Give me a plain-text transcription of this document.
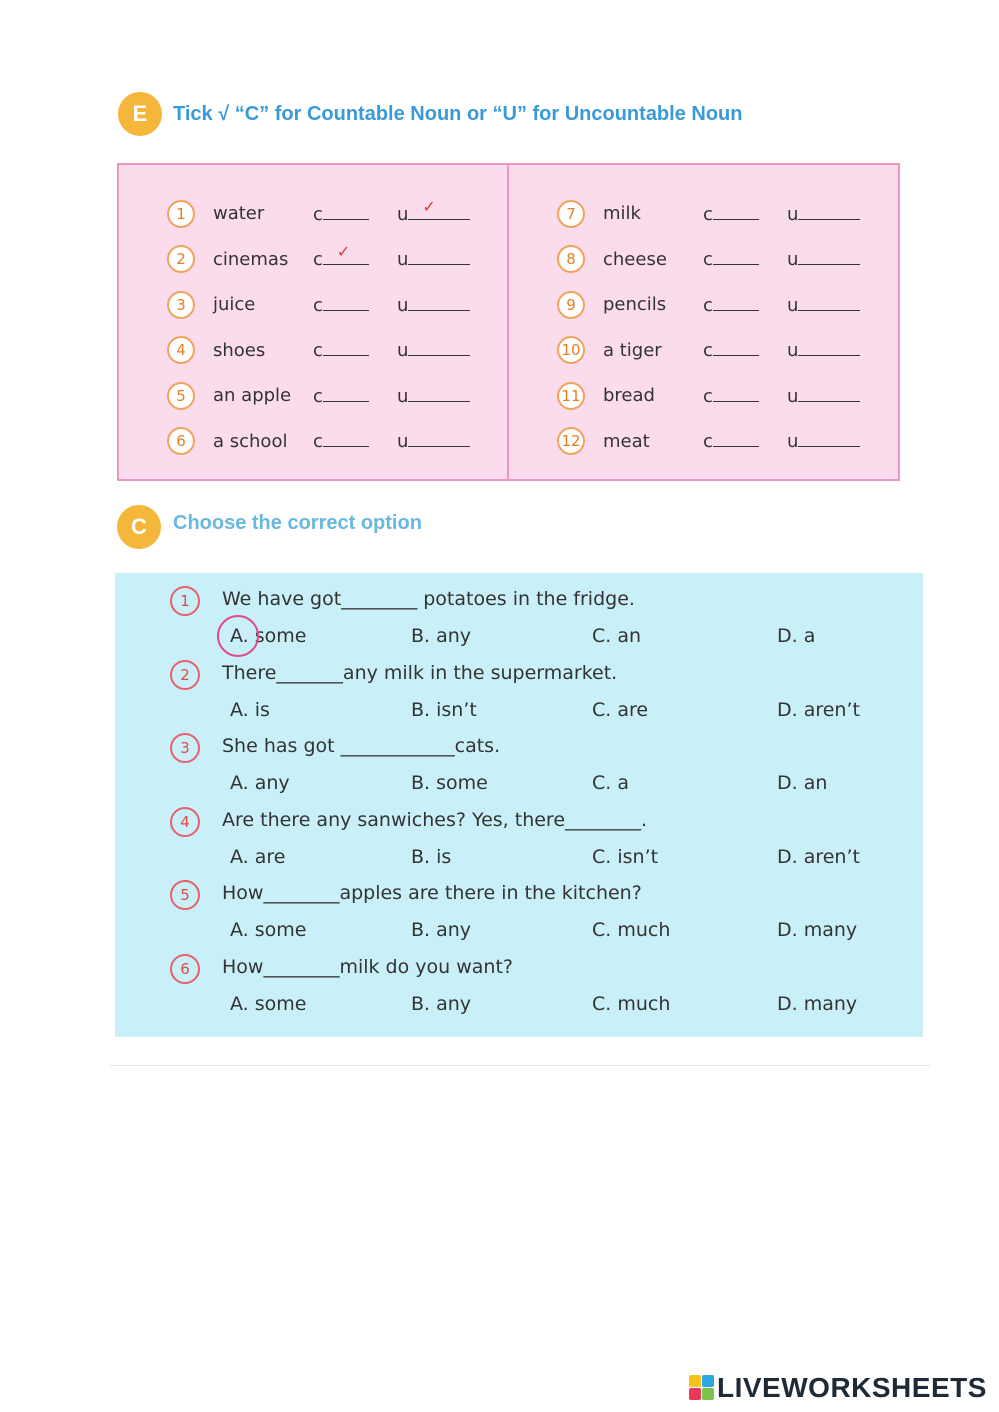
E	Tick √ “C” for Countable Noun or “U” for Uncountable Noun
1	water	c	u ✓
2	cinemas	c ✓	u
3	juice	c	u
4	shoes	c	u
5	an apple	c	u
6	a school	c	u
7	milk	c	u
8	cheese	c	u
9	pencils	c	u
10 a tiger	c	u
11 bread	c	u
12 meat	c	u
C	Choose the correct option
1	We have got________ potatoes in the fridge.
A. some	B. any	C. an	D. a
2	There_______any milk in the supermarket.
A. is	B. isn’t	C. are	D. aren’t
3	She has got ____________cats.
A. any	B. some	C. a	D. an
4	Are there any sanwiches? Yes, there________.
A. are	B. is	C. isn’t	D. aren’t
5	How________apples are there in the kitchen?
A. some	B. any	C. much	D. many
6	How________milk do you want?
A. some	B. any	C. much	D. many
LIVEWORKSHEETS
